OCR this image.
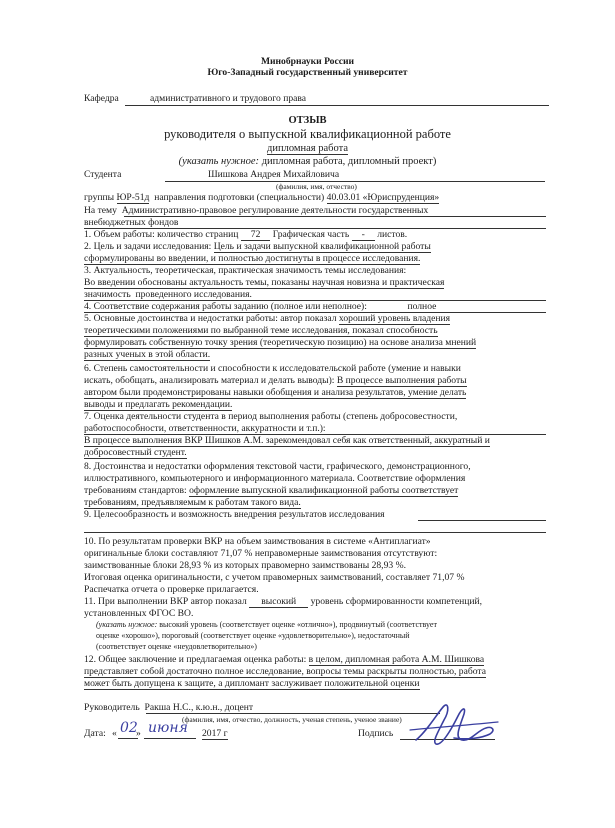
Минобрнауки России
Юго-Западный государственный университет
Кафедра	административного и трудового права
ОТЗЫВ
руководителя о выпускной квалификационной работе
дипломная работа
(указать нужное: дипломная работа, дипломный проект)
Студента	Шишкова Андрея Михайловича
(фамилия, имя, отчество)
группы ЮР-51д направления подготовки (специальности) 40.03.01 «Юриспруденция»
На тему Административно-правовое регулирование деятельности государственных
внебюджетных фондов
1. Объем работы: количество страниц 72 Графическая часть - листов.
2. Цель и задачи исследования: Цель и задачи выпускной квалификационной работы
сформулированы во введении, и полностью достигнуты в процессе исследования.
3. Актуальность, теоретическая, практическая значимость темы исследования:
Во введении обоснованы актуальность темы, показаны научная новизна и практическая
значимость проведенного исследования.
4. Соответствие содержания работы заданию (полное или неполное):	полное
5. Основные достоинства и недостатки работы: автор показал хороший уровень владения
теоретическими положениями по выбранной теме исследования, показал способность
формулировать собственную точку зрения (теоретическую позицию) на основе анализа мнений
разных ученых в этой области.
6. Степень самостоятельности и способности к исследовательской работе (умение и навыки
искать, обобщать, анализировать материал и делать выводы): В процессе выполнения работы
автором были продемонстрированы навыки обобщения и анализа результатов, умение делать
выводы и предлагать рекомендации.
7. Оценка деятельности студента в период выполнения работы (степень добросовестности,
работоспособности, ответственности, аккуратности и т.п.):
В процессе выполнения ВКР Шишков А.М. зарекомендовал себя как ответственный, аккуратный и
добросовестный студент.
8. Достоинства и недостатки оформления текстовой части, графического, демонстрационного,
иллюстративного, компьютерного и информационного материала. Соответствие оформления
требованиям стандартов: оформление выпускной квалификационной работы соответствует
требованиям, предъявляемым к работам такого вида.
9. Целесообразность и возможность внедрения результатов исследования
10. По результатам проверки ВКР на объем заимствования в системе «Антиплагиат»
оригинальные блоки составляют 71,07 % неправомерные заимствования отсутствуют:
заимствованные блоки 28,93 % из которых правомерно заимствованы 28,93 %.
Итоговая оценка оригинальности, с учетом правомерных заимствований, составляет 71,07 %
Распечатка отчета о проверке прилагается.
11. При выполнении ВКР автор показал высокий уровень сформированности компетенций,
установленных ФГОС ВО.
(указать нужное: высокий уровень (соответствует оценке «отлично»), продвинутый (соответствует
оценке «хорошо»), пороговый (соответствует оценке «удовлетворительно»), недостаточный
(соответствует оценке «неудовлетворительно»)
12. Общее заключение и предлагаемая оценка работы: в целом, дипломная работа А.М. Шишкова
представляет собой достаточно полное исследование, вопросы темы раскрыты полностью, работа
может быть допущена к защите, а дипломант заслуживает положительной оценки
Руководитель Ракша Н.С., к.ю.н., доцент
(фамилия, имя, отчество, должность, ученая степень, ученое звание)
Дата: « 02
» июня 2017 г	Подпись
